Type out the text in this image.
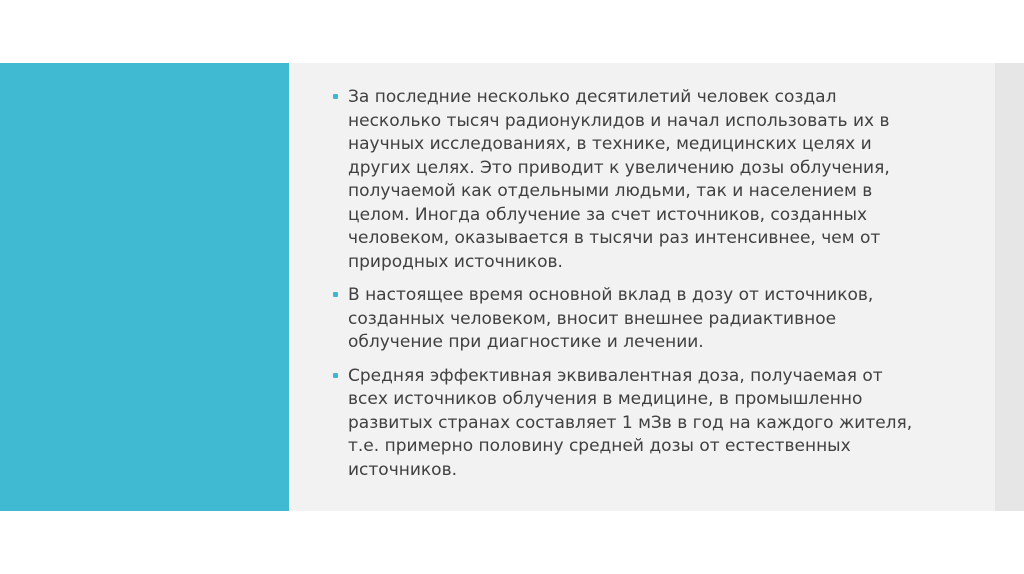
За последние несколько десятилетий человек создал несколько тысяч радионуклидов и начал использовать их в научных исследованиях, в технике, медицинских целях и других целях. Это приводит к увеличению дозы облучения, получаемой как отдельными людьми, так и населением в целом. Иногда облучение за счет источников, созданных человеком, оказывается в тысячи раз интенсивнее, чем от природных источников.
В настоящее время основной вклад в дозу от источников, созданных человеком, вносит внешнее радиактивное облучение при диагностике и лечении.
Средняя эффективная эквивалентная доза, получаемая от всех источников облучения в медицине, в промышленно развитых странах составляет 1 мЗв в год на каждого жителя, т.е. примерно половину средней дозы от естественных источников.
